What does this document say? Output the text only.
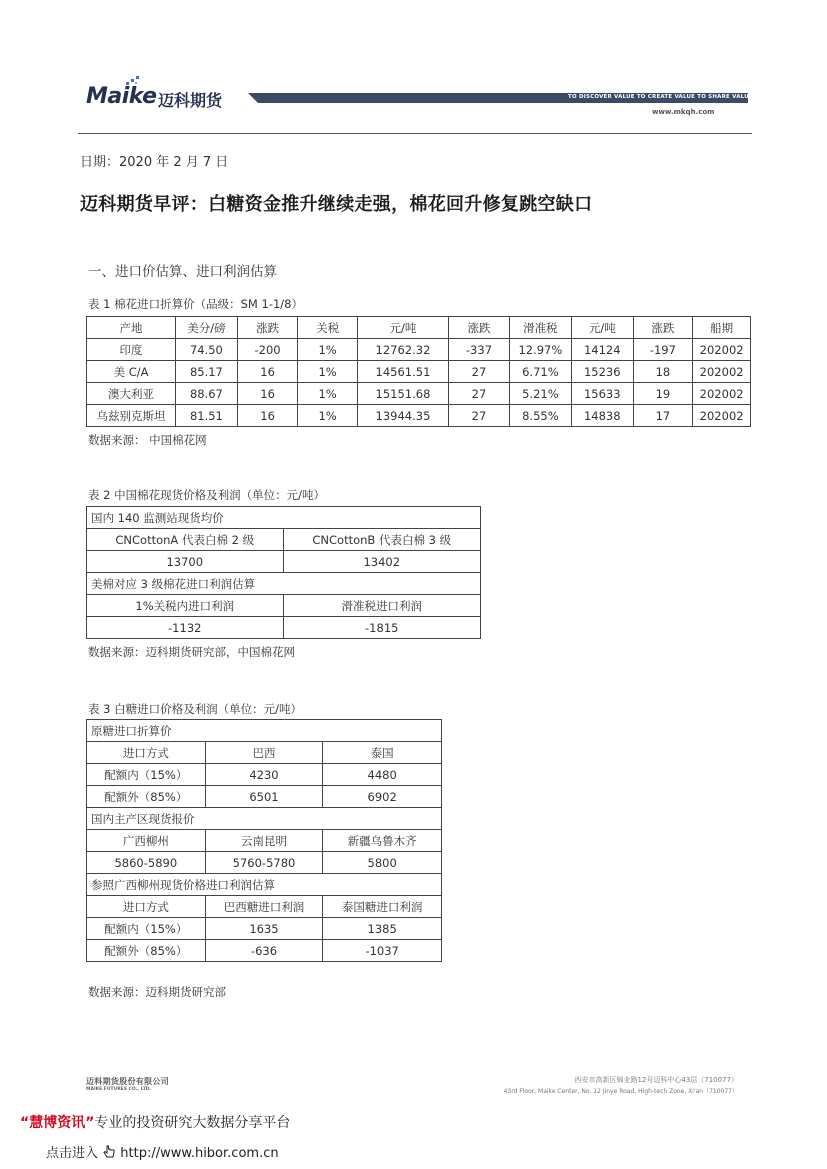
Maike 迈科期货	TO DISCOVER VALUE TO CREATE VALUE TO SHARE VALUE
www.mkqh.com
日期：2020 年 2 月 7 日
迈科期货早评：白糖资金推升继续走强，棉花回升修复跳空缺口
一、进口价估算、进口利润估算
表 1 棉花进口折算价（品级：SM 1-1/8）
产地	美分/磅	涨跌	关税	元/吨	涨跌	滑准税	元/吨	涨跌	船期
印度	74.50	-200	1%	12762.32	-337	12.97%	14124	-197	202002
美 C/A	85.17	16	1%	14561.51	27	6.71%	15236	18	202002
澳大利亚	88.67	16	1%	15151.68	27	5.21%	15633	19	202002
乌兹别克斯坦	81.51	16	1%	13944.35	27	8.55%	14838	17	202002
数据来源： 中国棉花网
表 2 中国棉花现货价格及利润（单位：元/吨）
国内 140 监测站现货均价	
CNCottonA 代表白棉 2 级	CNCottonB 代表白棉 3 级
13700	13402
美棉对应 3 级棉花进口利润估算	
1%关税内进口利润	滑准税进口利润
-1132	-1815
数据来源：迈科期货研究部，中国棉花网
表 3 白糖进口价格及利润（单位：元/吨）
原糖进口折算价		
进口方式	巴西	泰国
配额内（15%）	4230	4480
配额外（85%）	6501	6902
国内主产区现货报价		
广西柳州	云南昆明	新疆乌鲁木齐
5860-5890	5760-5780	5800
参照广西柳州现货价格进口利润估算		
进口方式	巴西糖进口利润	泰国糖进口利润
配额内（15%）	1635	1385
配额外（85%）	-636	-1037
数据来源：迈科期货研究部
迈科期货股份有限公司
MAIKE FUTURES CO., LTD.
西安市高新区锦业路12号迈科中心43层（710077）
43rd Floor, Maike Center, No. 12 Jinye Road, High-tech Zone, Xi'an（710077）
“慧博资讯”专业的投资研究大数据分享平台
点击进入 http://www.hibor.com.cn
